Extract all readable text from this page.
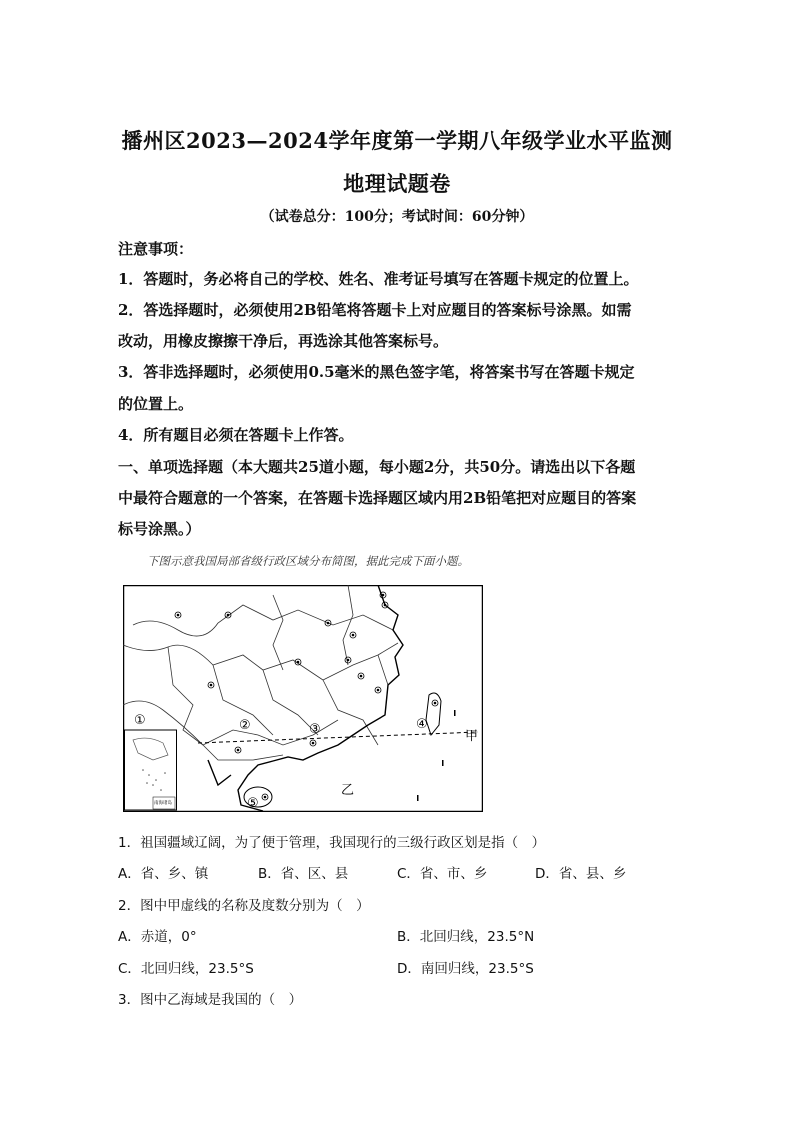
播州区2023—2024学年度第一学期八年级学业水平监测
地理试题卷
（试卷总分：100分；考试时间：60分钟）
注意事项：
1．答题时，务必将自己的学校、姓名、准考证号填写在答题卡规定的位置上。
2．答选择题时，必须使用2B铅笔将答题卡上对应题目的答案标号涂黑。如需
改动，用橡皮擦擦干净后，再选涂其他答案标号。
3．答非选择题时，必须使用0.5毫米的黑色签字笔，将答案书写在答题卡规定
的位置上。
4．所有题目必须在答题卡上作答。
一、单项选择题（本大题共25道小题，每小题2分，共50分。请选出以下各题
中最符合题意的一个答案，在答题卡选择题区域内用2B铅笔把对应题目的答案
标号涂黑。）
下图示意我国局部省级行政区域分布简图，据此完成下面小题。
南海诸岛
①	②	③	④
⑤
甲
乙
1．祖国疆域辽阔，为了便于管理，我国现行的三级行政区划是指（　）
A．省、乡、镇	B．省、区、县	C．省、市、乡	D．省、县、乡
2．图中甲虚线的名称及度数分别为（　）
A．赤道，0°	B．北回归线，23.5°N
C．北回归线，23.5°S	D．南回归线，23.5°S
3．图中乙海域是我国的（　）
